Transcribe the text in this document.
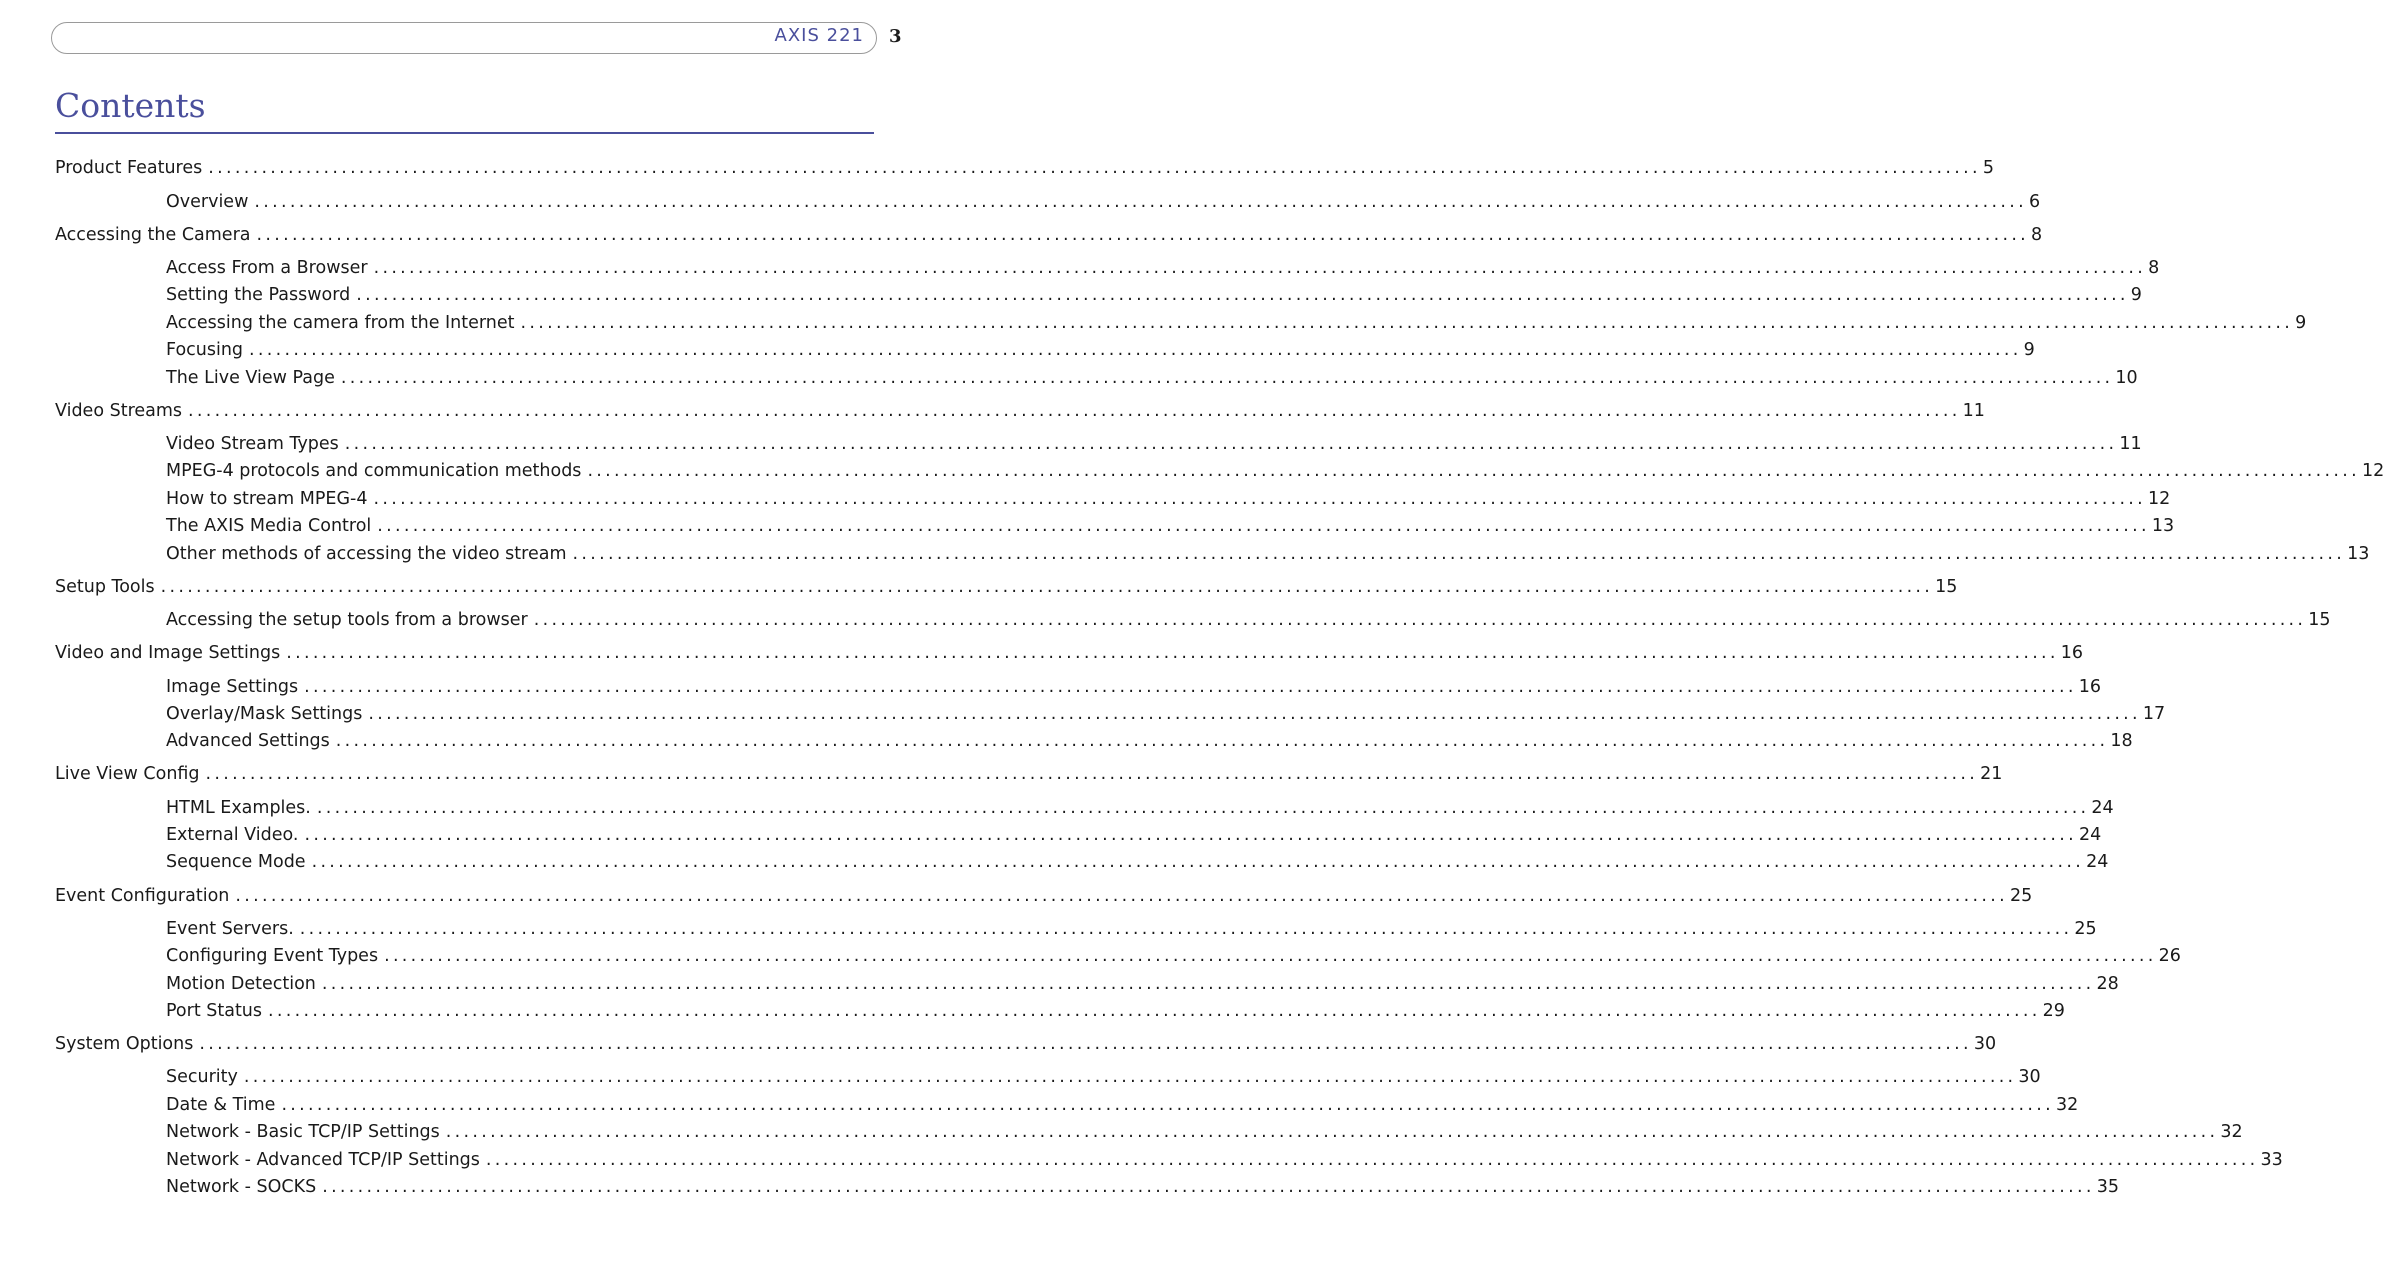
AXIS 221 3
Contents
Product Features ........................................................................................................................................................................................................ 5
Overview ........................................................................................................................................................................................................ 6
Accessing the Camera ........................................................................................................................................................................................................ 8
Access From a Browser ........................................................................................................................................................................................................ 8
Setting the Password ........................................................................................................................................................................................................ 9
Accessing the camera from the Internet ........................................................................................................................................................................................................ 9
Focusing ........................................................................................................................................................................................................ 9
The Live View Page ........................................................................................................................................................................................................ 10
Video Streams ........................................................................................................................................................................................................ 11
Video Stream Types ........................................................................................................................................................................................................ 11
MPEG-4 protocols and communication methods ........................................................................................................................................................................................................ 12
How to stream MPEG-4 ........................................................................................................................................................................................................ 12
The AXIS Media Control ........................................................................................................................................................................................................ 13
Other methods of accessing the video stream ........................................................................................................................................................................................................ 13
Setup Tools ........................................................................................................................................................................................................ 15
Accessing the setup tools from a browser ........................................................................................................................................................................................................ 15
Video and Image Settings ........................................................................................................................................................................................................ 16
Image Settings ........................................................................................................................................................................................................ 16
Overlay/Mask Settings ........................................................................................................................................................................................................ 17
Advanced Settings ........................................................................................................................................................................................................ 18
Live View Config ........................................................................................................................................................................................................ 21
HTML Examples. ........................................................................................................................................................................................................ 24
External Video. ........................................................................................................................................................................................................ 24
Sequence Mode ........................................................................................................................................................................................................ 24
Event Configuration ........................................................................................................................................................................................................ 25
Event Servers. ........................................................................................................................................................................................................ 25
Configuring Event Types ........................................................................................................................................................................................................ 26
Motion Detection ........................................................................................................................................................................................................ 28
Port Status ........................................................................................................................................................................................................ 29
System Options ........................................................................................................................................................................................................ 30
Security ........................................................................................................................................................................................................ 30
Date & Time ........................................................................................................................................................................................................ 32
Network - Basic TCP/IP Settings ........................................................................................................................................................................................................ 32
Network - Advanced TCP/IP Settings ........................................................................................................................................................................................................ 33
Network - SOCKS ........................................................................................................................................................................................................ 35
